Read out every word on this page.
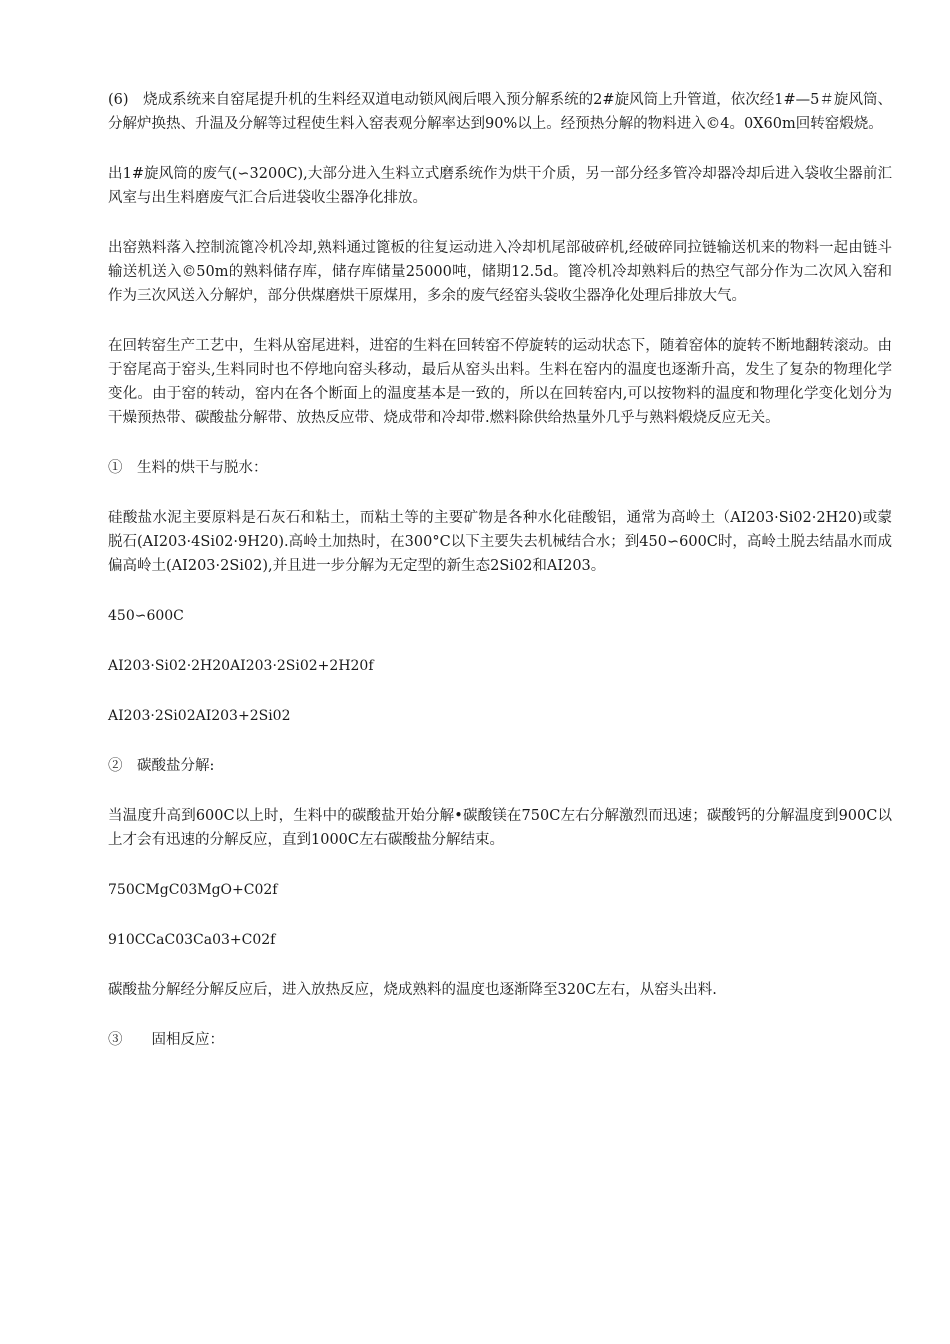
(6)　烧成系统来自窑尾提升机的生料经双道电动锁风阀后喂入预分解系统的2#旋风筒上升管道，依次经1#—5＃旋风筒、分解炉换热、升温及分解等过程使生料入窑表观分解率达到90%以上。经预热分解的物料进入©4。0X60m回转窑煅烧。

出1#旋风筒的废气(∽3200C),大部分进入生料立式磨系统作为烘干介质，另一部分经多管冷却器冷却后进入袋收尘器前汇风室与出生料磨废气汇合后进袋收尘器净化排放。

出窑熟料落入控制流篦冷机冷却,熟料通过篦板的往复运动进入冷却机尾部破碎机,经破碎同拉链输送机来的物料一起由链斗输送机送入©50m的熟料储存库，储存库储量25000吨，储期12.5d。篦冷机冷却熟料后的热空气部分作为二次风入窑和作为三次风送入分解炉，部分供煤磨烘干原煤用，多余的废气经窑头袋收尘器净化处理后排放大气。

在回转窑生产工艺中，生料从窑尾进料，进窑的生料在回转窑不停旋转的运动状态下，随着窑体的旋转不断地翻转滚动。由于窑尾高于窑头,生料同时也不停地向窑头移动，最后从窑头出料。生料在窑内的温度也逐渐升高，发生了复杂的物理化学变化。由于窑的转动，窑内在各个断面上的温度基本是一致的，所以在回转窑内,可以按物料的温度和物理化学变化划分为干燥预热带、碳酸盐分解带、放热反应带、烧成带和冷却带.燃料除供给热量外几乎与熟料煅烧反应无关。

①　生料的烘干与脱水：

硅酸盐水泥主要原料是石灰石和粘土，而粘土等的主要矿物是各种水化硅酸铝，通常为高岭土（AI203·Si02·2H20)或蒙脱石(AI203·4Si02·9H20).高岭土加热时，在300°C以下主要失去机械结合水；到450∽600C时，高岭土脱去结晶水而成偏高岭土(AI203·2Si02),并且进一步分解为无定型的新生态2Si02和AI203。

450∽600C

AI203·Si02·2H20AI203·2Si02+2H20f

AI203·2Si02AI203+2Si02

②　碳酸盐分解:

当温度升高到600C以上时，生料中的碳酸盐开始分解•碳酸镁在750C左右分解激烈而迅速；碳酸钙的分解温度到900C以上才会有迅速的分解反应，直到1000C左右碳酸盐分解结束。

750CMgC03MgO+C02f

910CCaC03Ca03+C02f

碳酸盐分解经分解反应后，进入放热反应，烧成熟料的温度也逐渐降至320C左右，从窑头出料.

③　　固相反应：
